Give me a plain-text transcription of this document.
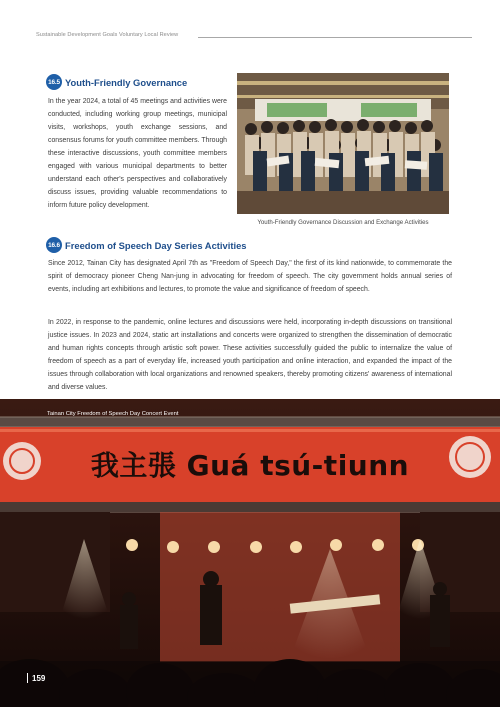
Sustainable Development Goals Voluntary Local Review
16.5 Youth-Friendly Governance

In the year 2024, a total of 45 meetings and activities were conducted, including working group meetings, municipal visits, workshops, youth exchange sessions, and consensus forums for youth committee members. Through these interactive discussions, youth committee members engaged with various municipal departments to better understand each other's perspectives and collaboratively discuss issues, providing valuable recommendations to inform future policy development.

Youth-Friendly Governance Discussion and Exchange Activities
16.6 Freedom of Speech Day Series Activities

Since 2012, Tainan City has designated April 7th as "Freedom of Speech Day," the first of its kind nationwide, to commemorate the spirit of democracy pioneer Cheng Nan-jung in advocating for freedom of speech. The city government holds annual series of events, including art exhibitions and lectures, to promote the value and significance of freedom of speech.

In 2022, in response to the pandemic, online lectures and discussions were held, incorporating in-depth discussions on transitional justice issues. In 2023 and 2024, static art installations and concerts were organized to strengthen the dissemination of democratic and human rights concepts through artistic soft power. These activities successfully guided the public to internalize the value of freedom of speech as a part of everyday life, increased youth participation and online interaction, and expanded the impact of the issues through collaboration with local organizations and renowned speakers, thereby promoting citizens' awareness of international and diverse values.

我主張 Guá tsú-tiunn
Tainan City Freedom of Speech Day Concert Event
159
